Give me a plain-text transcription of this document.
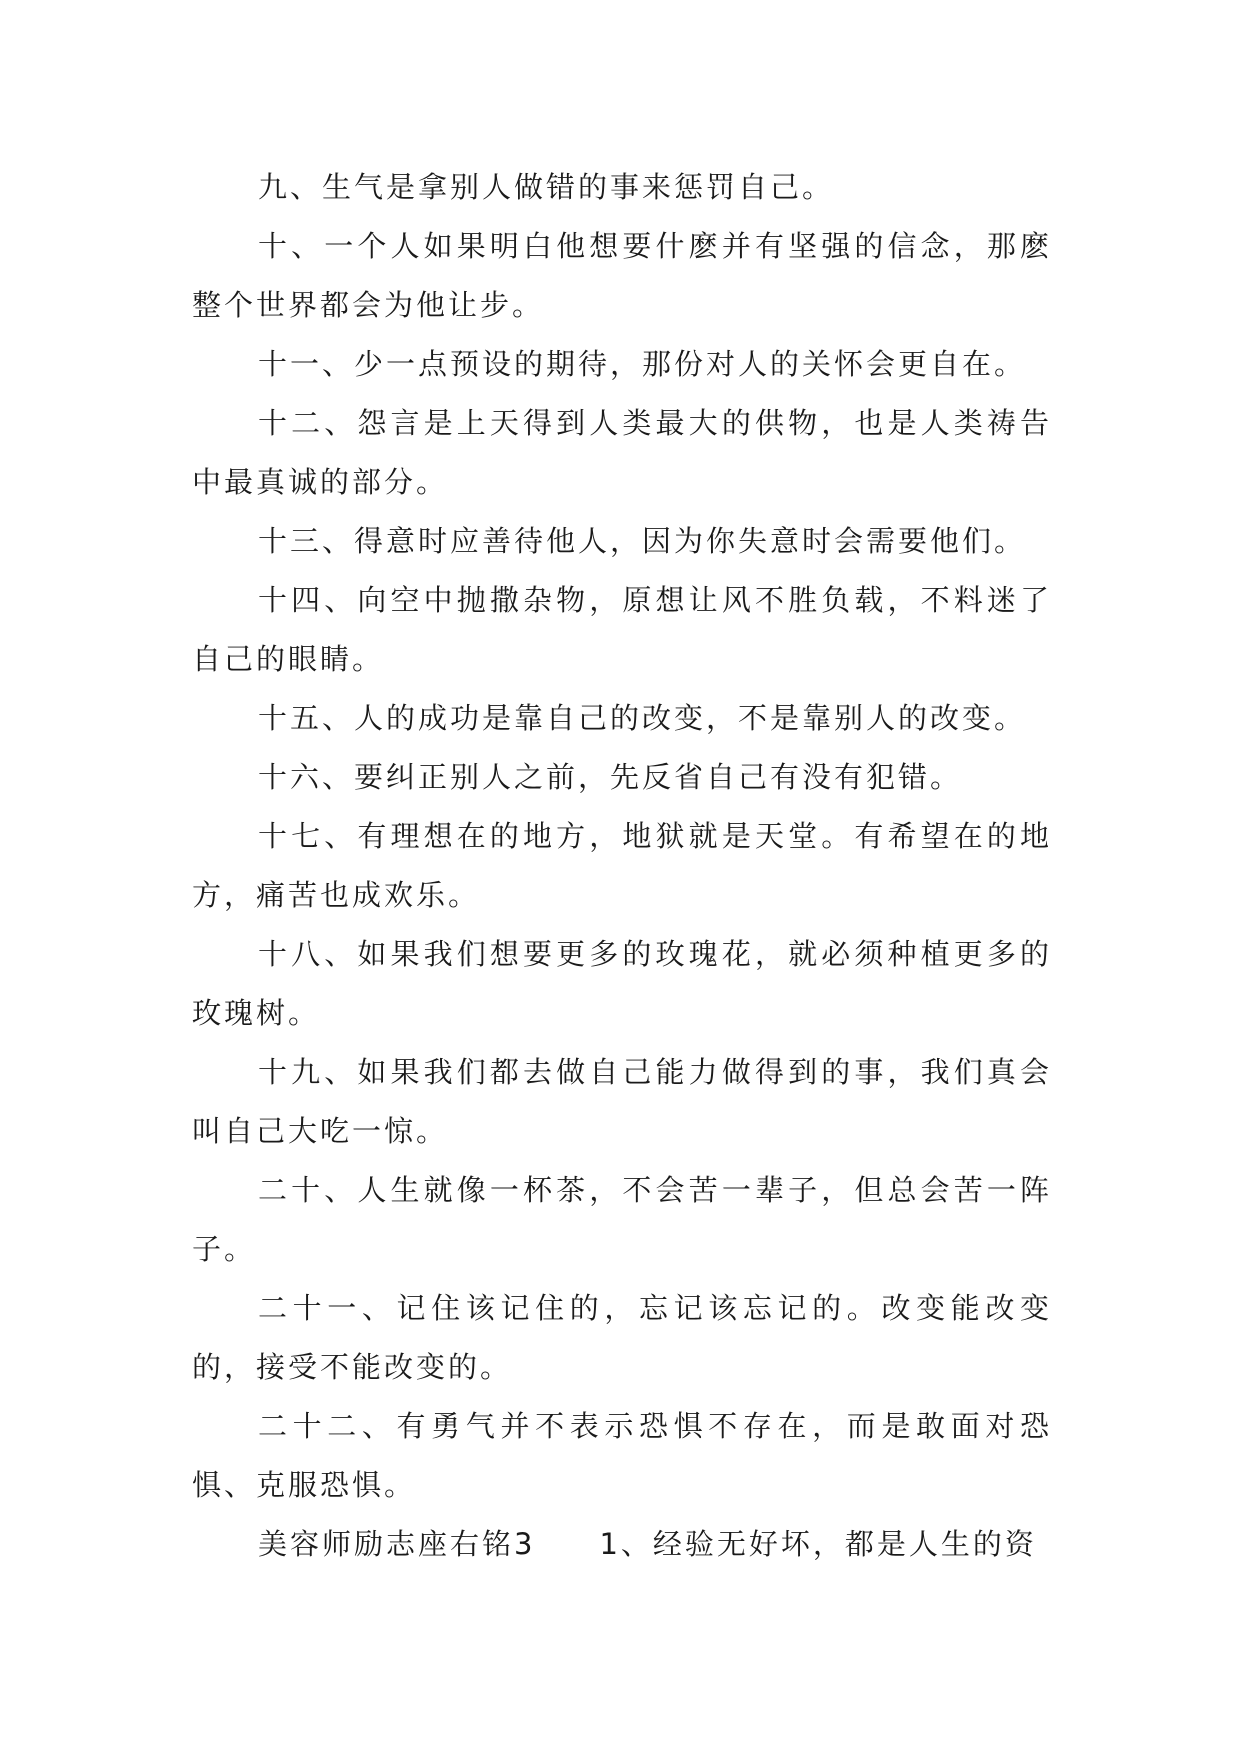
九、生气是拿别人做错的事来惩罚自己。

十、一个人如果明白他想要什麽并有坚强的信念，那麽整个世界都会为他让步。

十一、少一点预设的期待，那份对人的关怀会更自在。

十二、怨言是上天得到人类最大的供物，也是人类祷告中最真诚的部分。

十三、得意时应善待他人，因为你失意时会需要他们。

十四、向空中抛撒杂物，原想让风不胜负载，不料迷了自己的眼睛。

十五、人的成功是靠自己的改变，不是靠别人的改变。

十六、要纠正别人之前，先反省自己有没有犯错。

十七、有理想在的地方，地狱就是天堂。有希望在的地方，痛苦也成欢乐。

十八、如果我们想要更多的玫瑰花，就必须种植更多的玫瑰树。

十九、如果我们都去做自己能力做得到的事，我们真会叫自己大吃一惊。

二十、人生就像一杯茶，不会苦一辈子，但总会苦一阵子。

二十一、记住该记住的，忘记该忘记的。改变能改变的，接受不能改变的。

二十二、有勇气并不表示恐惧不存在，而是敢面对恐惧、克服恐惧。

美容师励志座右铭3　　1、经验无好坏，都是人生的资
